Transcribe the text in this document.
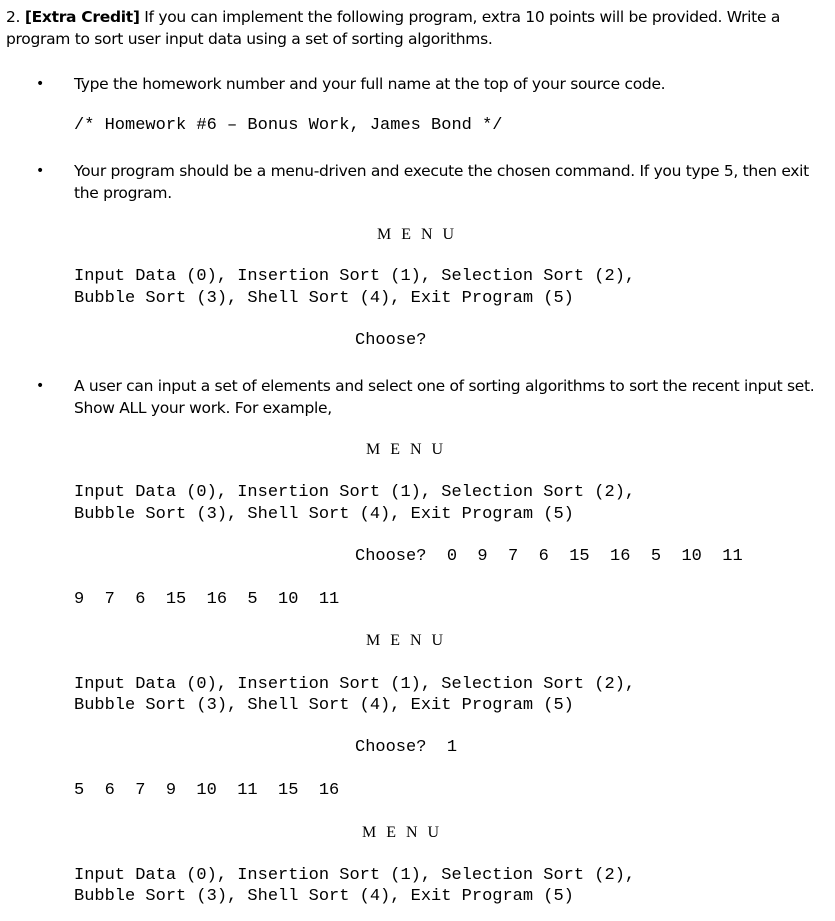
2. [Extra Credit] If you can implement the following program, extra 10 points will be provided. Write a program to sort user input data using a set of sorting algorithms.
• Type the homework number and your full name at the top of your source code.
/* Homework #6 – Bonus Work, James Bond */
• Your program should be a menu-driven and execute the chosen command. If you type 5, then exit the program.
M E N U
Input Data (0), Insertion Sort (1), Selection Sort (2),
Bubble Sort (3), Shell Sort (4), Exit Program (5)
Choose?
• A user can input a set of elements and select one of sorting algorithms to sort the recent input set. Show ALL your work. For example,
M E N U
Input Data (0), Insertion Sort (1), Selection Sort (2),
Bubble Sort (3), Shell Sort (4), Exit Program (5)
Choose?  0  9  7  6  15  16  5  10  11
9  7  6  15  16  5  10  11
M E N U
Input Data (0), Insertion Sort (1), Selection Sort (2),
Bubble Sort (3), Shell Sort (4), Exit Program (5)
Choose?  1
5  6  7  9  10  11  15  16
M E N U
Input Data (0), Insertion Sort (1), Selection Sort (2),
Bubble Sort (3), Shell Sort (4), Exit Program (5)
